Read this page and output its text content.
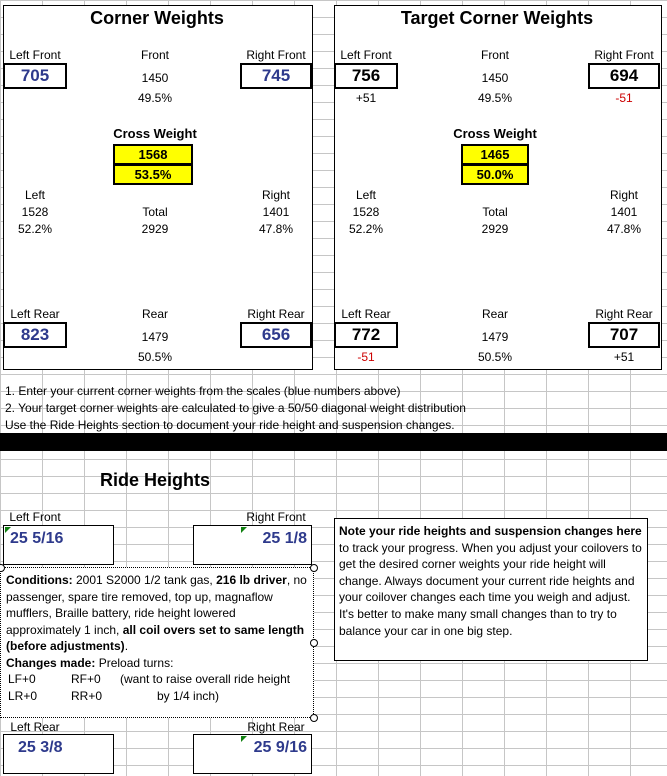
Corner Weights
Left Front
705
Front
1450
49.5%
Right Front
745
Cross Weight
1568
53.5%
Left
1528
52.2%
Total
2929
Right
1401
47.8%
Left Rear
823
Rear
1479
50.5%
Right Rear
656
Target Corner Weights
Left Front
756
+51
Front
1450
49.5%
Right Front
694
-51
Cross Weight
1465
50.0%
Left
1528
52.2%
Total
2929
Right
1401
47.8%
Left Rear
772
-51
Rear
1479
50.5%
Right Rear
707
+51
1. Enter your current corner weights from the scales (blue numbers above)
2. Your target corner weights are calculated to give a 50/50 diagonal weight distribution
Use the Ride Heights section to document your ride height and suspension changes.
Ride Heights
Left Front
25 5/16
Right Front
25 1/8
Conditions: 2001 S2000 1/2 tank gas, 216 lb driver, no passenger, spare tire removed, top up, magnaflow mufflers, Braille battery, ride height lowered approximately 1 inch, all coil overs set to same length (before adjustments).
Changes made: Preload turns:
LF+0	RF+0 (want to raise overall ride height
LR+0	RR+0	by 1/4 inch)
Left Rear
25 3/8
Right Rear
25 9/16
Note your ride heights and suspension changes here to track your progress. When you adjust your coilovers to get the desired corner weights your ride height will change. Always document your current ride heights and your coilover changes each time you weigh and adjust. It's better to make many small changes than to try to balance your car in one big step.
